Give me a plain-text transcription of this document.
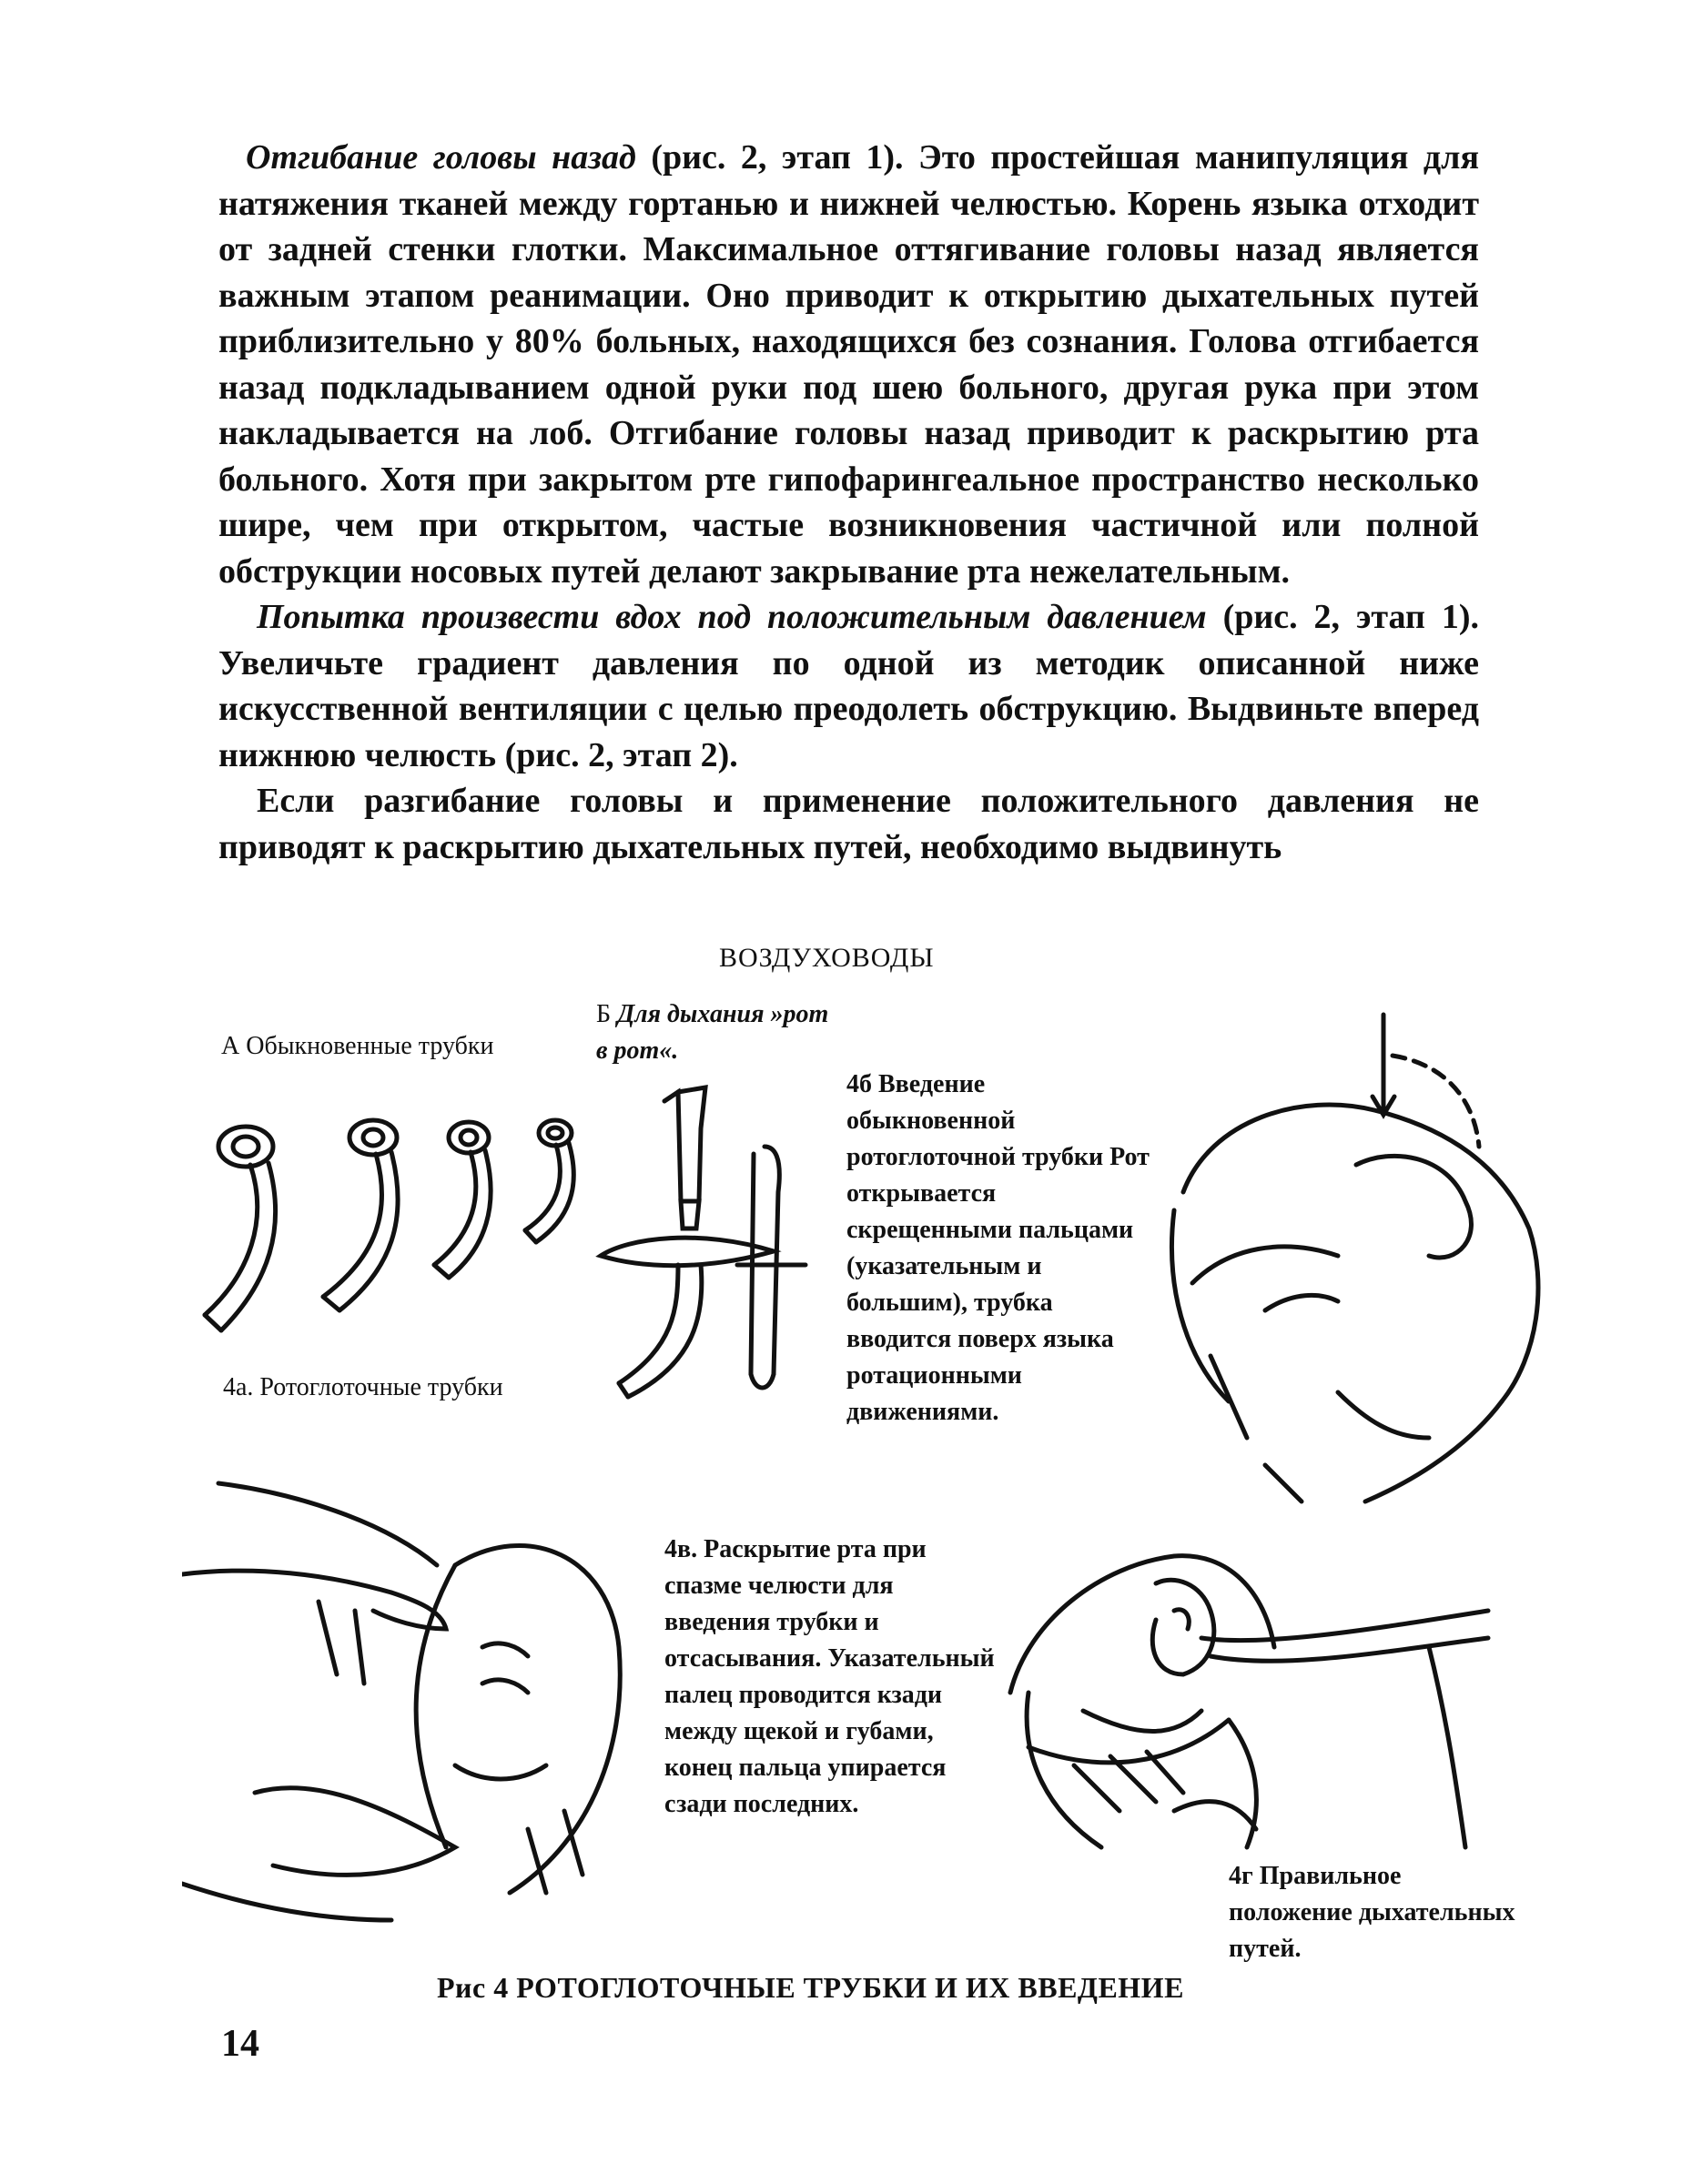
Отгибание головы назад (рис. 2, этап 1). Это простейшая манипуляция для натяжения тканей между гортанью и нижней челюстью. Корень языка отходит от задней стенки глотки. Максимальное оттягивание головы назад является важным этапом реанимации. Оно приводит к открытию дыхательных путей приблизительно у 80% больных, находящихся без сознания. Голова отгибается назад подкладыванием одной руки под шею больного, другая рука при этом накладывается на лоб. Отгибание головы назад приводит к раскрытию рта больного. Хотя при закрытом рте гипофарингеальное пространство несколько шире, чем при открытом, частые возникновения частичной или полной обструкции носовых путей делают закрывание рта нежелательным.

Попытка произвести вдох под положительным давлением (рис. 2, этап 1). Увеличьте градиент давления по одной из методик описанной ниже искусственной вентиляции с целью преодолеть обструкцию. Выдвиньте вперед нижнюю челюсть (рис. 2, этап 2).

Если разгибание головы и применение положительного давления не приводят к раскрытию дыхательных путей, необходимо выдвинуть

ВОЗДУХОВОДЫ
А Обыкновенные трубки
Б Для дыхания »рот в рот«.
4а. Ротоглоточные трубки
4б Введение обыкновенной ротоглоточной трубки Рот открывается скрещенными пальцами (указательным и большим), трубка вводится поверх языка ротационными движениями.
4в. Раскрытие рта при спазме челюсти для введения трубки и отсасывания. Указательный палец проводится кзади между щекой и губами, конец пальца упирается сзади последних.
4г Правильное положение дыхательных путей.
Рис 4 РОТОГЛОТОЧНЫЕ ТРУБКИ И ИХ ВВЕДЕНИЕ
14
